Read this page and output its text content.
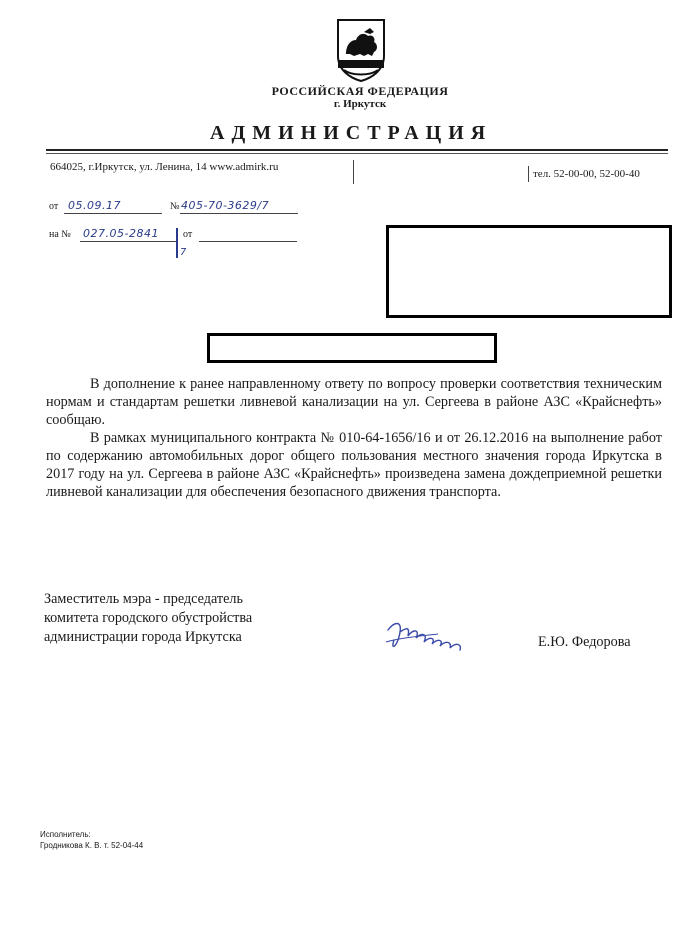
РОССИЙСКАЯ ФЕДЕРАЦИЯ
г. Иркутск
АДМИНИСТРАЦИЯ
664025, г.Иркутск, ул. Ленина, 14 www.admirk.ru
тел. 52-00-00, 52-00-40
от 05.09.17	№ 405-70-3629/7
на № 027.05-2841
7
от

В дополнение к ранее направленному ответу по вопросу проверки соответствия техническим нормам и стандартам решетки ливневой канализации на ул. Сергеева в районе АЗС «Крайснефть» сообщаю.

В рамках муниципального контракта № 010-64-1656/16 и от 26.12.2016 на выполнение работ по содержанию автомобильных дорог общего пользования местного значения города Иркутска в 2017 году на ул. Сергеева в районе АЗС «Крайснефть» произведена замена дождеприемной решетки ливневой канализации для обеспечения безопасного движения транспорта.

Заместитель мэра - председатель
комитета городского обустройства
администрации города Иркутска	Е.Ю. Федорова
Исполнитель:
Гродникова К. В. т. 52-04-44
